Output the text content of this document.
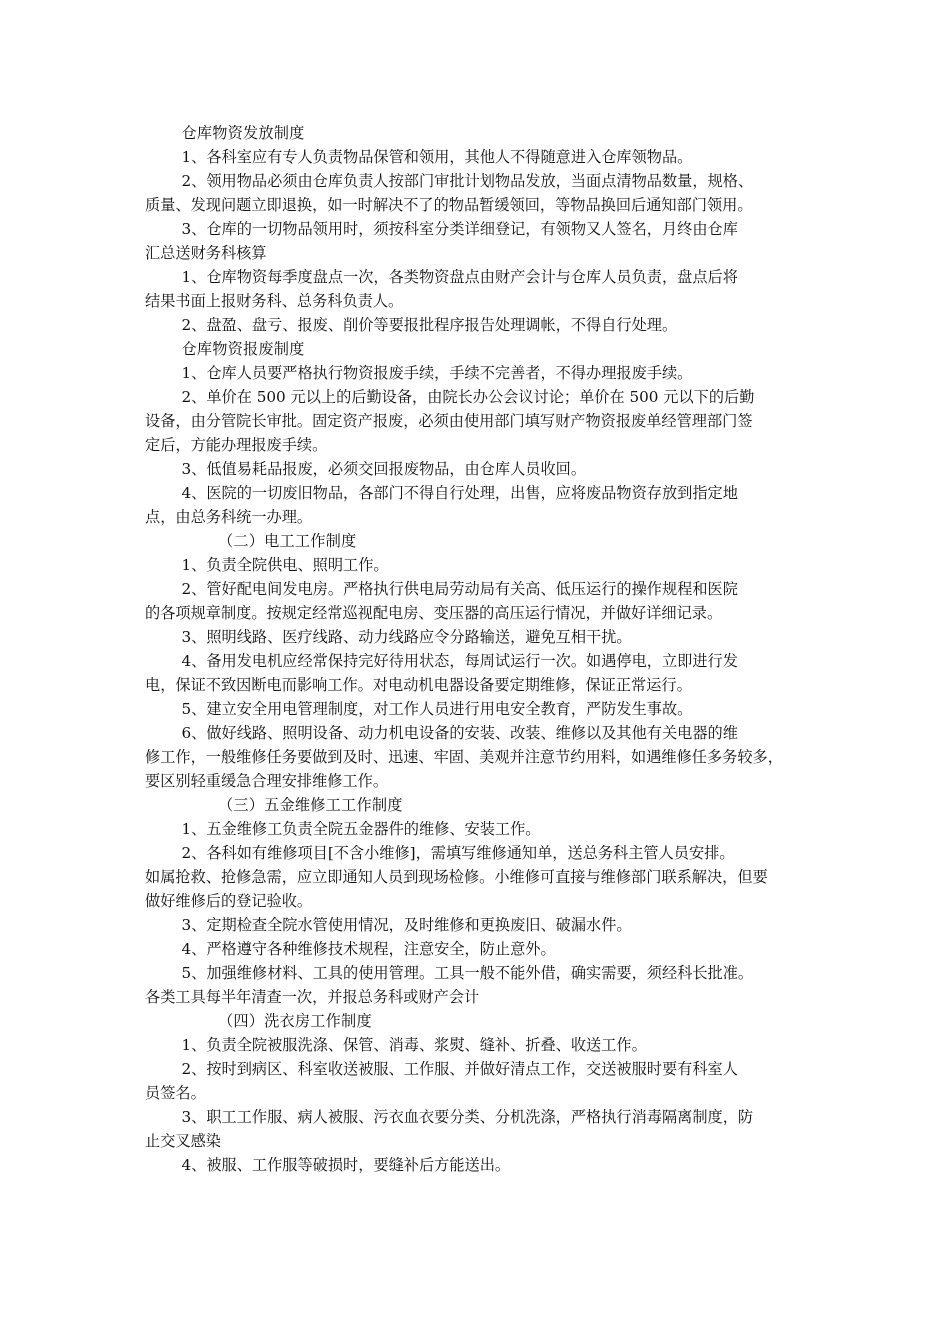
仓库物资发放制度

1、各科室应有专人负责物品保管和领用，其他人不得随意进入仓库领物品。

2、领用物品必须由仓库负责人按部门审批计划物品发放，当面点清物品数量，规格、
质量、发现问题立即退换，如一时解决不了的物品暂缓领回，等物品换回后通知部门领用。

3、仓库的一切物品领用时，须按科室分类详细登记，有领物又人签名，月终由仓库
汇总送财务科核算

1、仓库物资每季度盘点一次，各类物资盘点由财产会计与仓库人员负责，盘点后将
结果书面上报财务科、总务科负责人。

2、盘盈、盘亏、报废、削价等要报批程序报告处理调帐，不得自行处理。

仓库物资报废制度

1、仓库人员要严格执行物资报废手续，手续不完善者，不得办理报废手续。

2、单价在 500 元以上的后勤设备，由院长办公会议讨论；单价在 500 元以下的后勤
设备，由分管院长审批。固定资产报废，必须由使用部门填写财产物资报废单经管理部门签
定后，方能办理报废手续。

3、低值易耗品报废，必须交回报废物品，由仓库人员收回。

4、医院的一切废旧物品，各部门不得自行处理，出售，应将废品物资存放到指定地
点，由总务科统一办理。

（二）电工工作制度

1、负责全院供电、照明工作。

2、管好配电间发电房。严格执行供电局劳动局有关高、低压运行的操作规程和医院
的各项规章制度。按规定经常巡视配电房、变压器的高压运行情况，并做好详细记录。

3、照明线路、医疗线路、动力线路应令分路输送，避免互相干扰。

4、备用发电机应经常保持完好待用状态，每周试运行一次。如遇停电，立即进行发
电，保证不致因断电而影响工作。对电动机电器设备要定期维修，保证正常运行。

5、建立安全用电管理制度，对工作人员进行用电安全教育，严防发生事故。

6、做好线路、照明设备、动力机电设备的安装、改装、维修以及其他有关电器的维
修工作，一般维修任务要做到及时、迅速、牢固、美观并注意节约用料，如遇维修任多务较多，
要区别轻重缓急合理安排维修工作。

（三）五金维修工工作制度

1、五金维修工负责全院五金器件的维修、安装工作。

2、各科如有维修项目[不含小维修]，需填写维修通知单，送总务科主管人员安排。
如属抢救、抢修急需，应立即通知人员到现场检修。小维修可直接与维修部门联系解决，但要
做好维修后的登记验收。

3、定期检查全院水管使用情况，及时维修和更换废旧、破漏水件。

4、严格遵守各种维修技术规程，注意安全，防止意外。

5、加强维修材料、工具的使用管理。工具一般不能外借，确实需要，须经科长批准。
各类工具每半年清查一次，并报总务科或财产会计

（四）洗衣房工作制度

1、负责全院被服洗涤、保管、消毒、浆熨、缝补、折叠、收送工作。

2、按时到病区、科室收送被服、工作服、并做好清点工作，交送被服时要有科室人
员签名。

3、职工工作服、病人被服、污衣血衣要分类、分机洗涤，严格执行消毒隔离制度，防
止交叉感染

4、被服、工作服等破损时，要缝补后方能送出。
